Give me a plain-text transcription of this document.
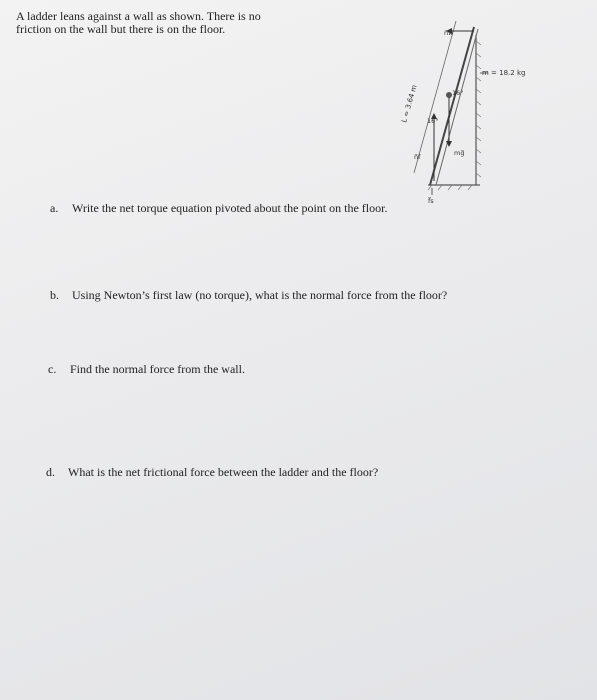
A ladder leans against a wall as shown. There is no friction on the wall but there is on the floor.
L = 3.64 m
mg⃗
n⃗f
n⃗w
f⃗s
16°
16°
m = 18.2 kg
a. Write the net torque equation pivoted about the point on the floor.
b. Using Newton’s first law (no torque), what is the normal force from the floor?
c. Find the normal force from the wall.
d. What is the net frictional force between the ladder and the floor?
